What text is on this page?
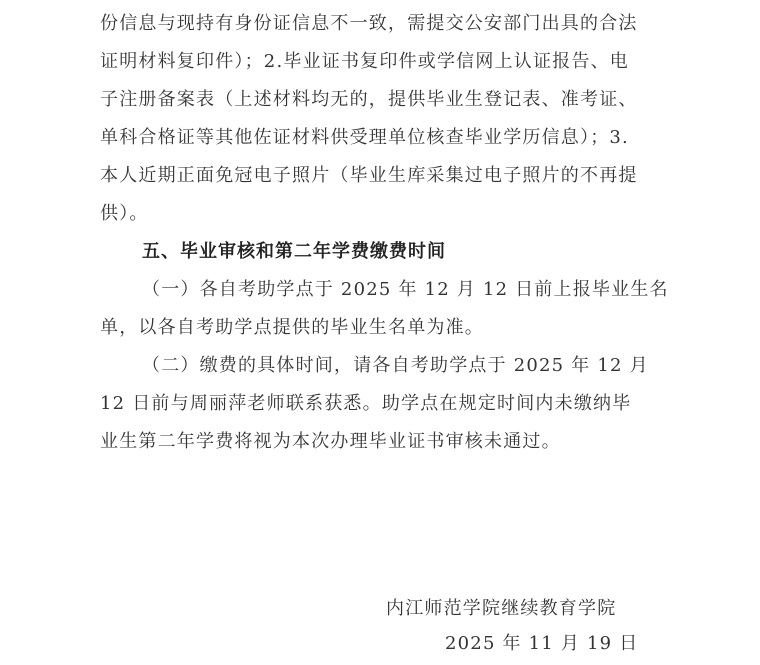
份信息与现持有身份证信息不一致，需提交公安部门出具的合法
证明材料复印件）；2.毕业证书复印件或学信网上认证报告、电
子注册备案表（上述材料均无的，提供毕业生登记表、准考证、
单科合格证等其他佐证材料供受理单位核查毕业学历信息）；3.
本人近期正面免冠电子照片（毕业生库采集过电子照片的不再提
供）。
五、毕业审核和第二年学费缴费时间
（一）各自考助学点于 2025 年 12 月 12 日前上报毕业生名
单，以各自考助学点提供的毕业生名单为准。
（二）缴费的具体时间，请各自考助学点于 2025 年 12 月
12 日前与周丽萍老师联系获悉。助学点在规定时间内未缴纳毕
业生第二年学费将视为本次办理毕业证书审核未通过。
内江师范学院继续教育学院
2025 年 11 月 19 日
